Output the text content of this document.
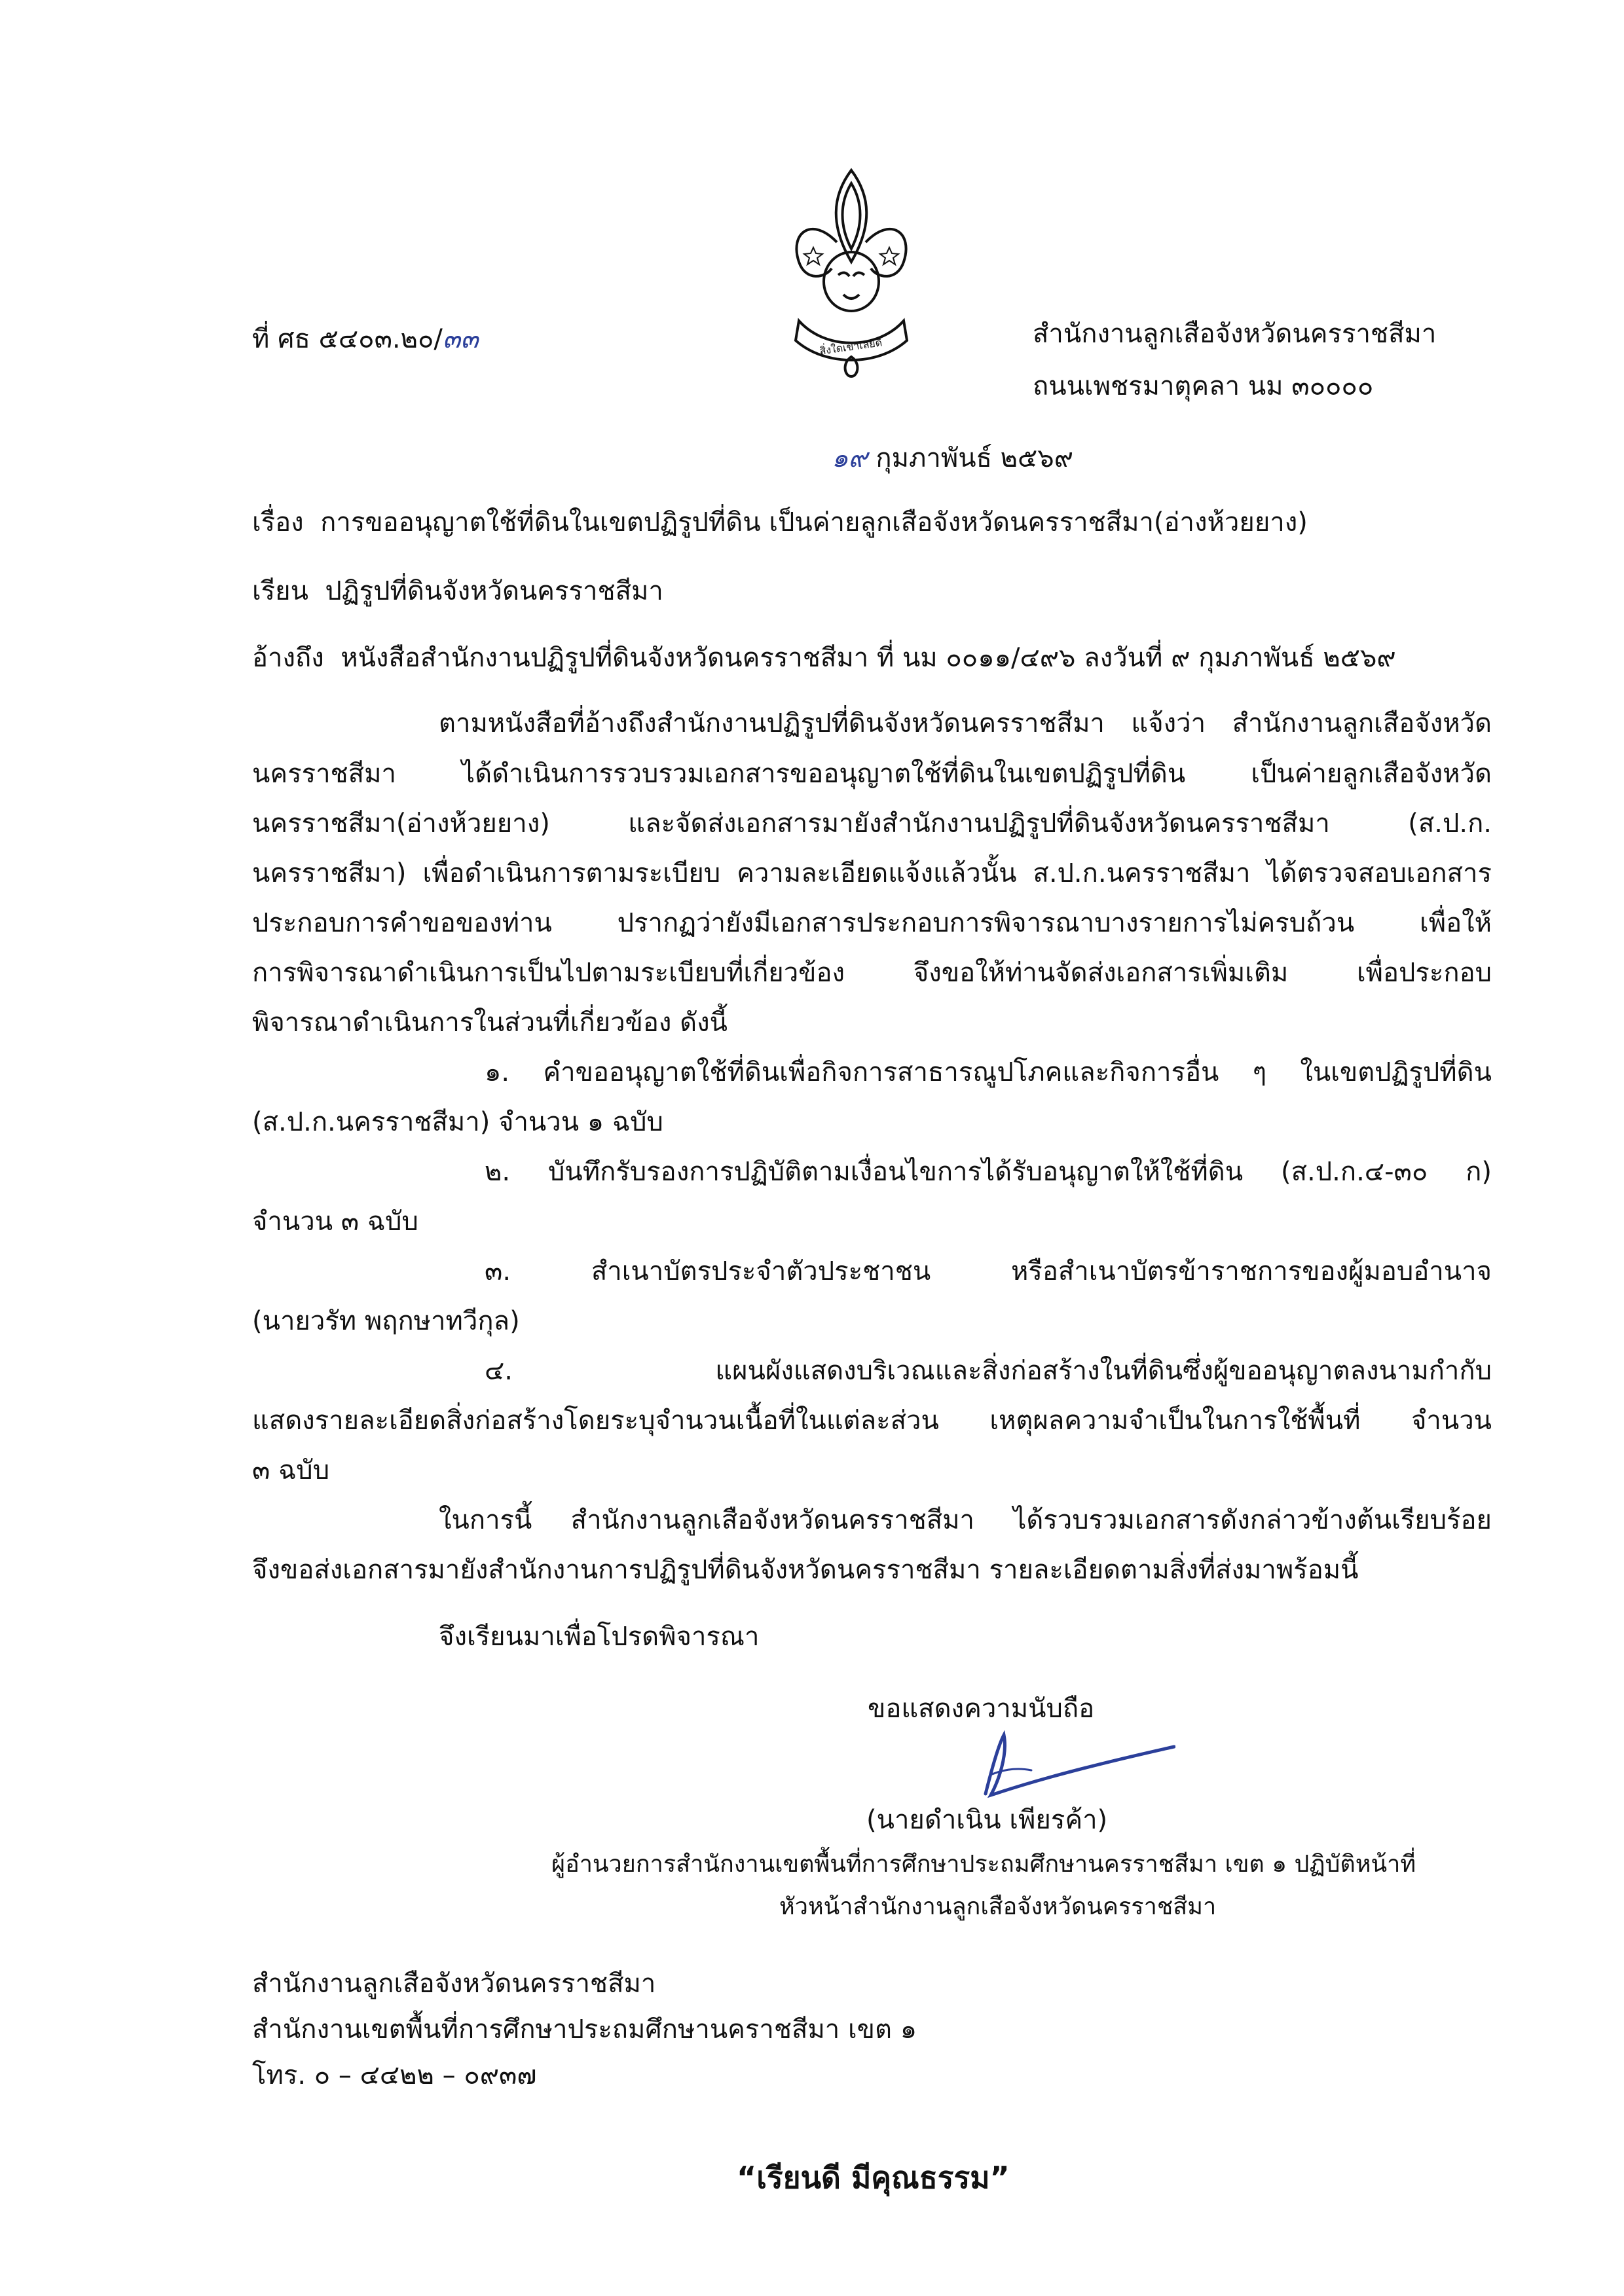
สิ่งใดเขาเลยดี
ที่ ศธ ๕๔๐๓.๒๐/๓๓	สำนักงานลูกเสือจังหวัดนครราชสีมา
ถนนเพชรมาตุคลา นม ๓๐๐๐๐
๑๙ กุมภาพันธ์ ๒๕๖๙
เรื่อง การขออนุญาตใช้ที่ดินในเขตปฏิรูปที่ดิน เป็นค่ายลูกเสือจังหวัดนครราชสีมา(อ่างห้วยยาง)
เรียน ปฏิรูปที่ดินจังหวัดนครราชสีมา
อ้างถึง หนังสือสำนักงานปฏิรูปที่ดินจังหวัดนครราชสีมา ที่ นม ๐๐๑๑/๔๙๖ ลงวันที่ ๙ กุมภาพันธ์ ๒๕๖๙
ตามหนังสือที่อ้างถึงสำนักงานปฏิรูปที่ดินจังหวัดนครราชสีมา แจ้งว่า สำนักงานลูกเสือจังหวัด
นครราชสีมา ได้ดำเนินการรวบรวมเอกสารขออนุญาตใช้ที่ดินในเขตปฏิรูปที่ดิน เป็นค่ายลูกเสือจังหวัด
นครราชสีมา(อ่างห้วยยาง) และจัดส่งเอกสารมายังสำนักงานปฏิรูปที่ดินจังหวัดนครราชสีมา (ส.ป.ก.
นครราชสีมา) เพื่อดำเนินการตามระเบียบ ความละเอียดแจ้งแล้วนั้น ส.ป.ก.นครราชสีมา ได้ตรวจสอบเอกสาร
ประกอบการคำขอของท่าน ปรากฏว่ายังมีเอกสารประกอบการพิจารณาบางรายการไม่ครบถ้วน เพื่อให้
การพิจารณาดำเนินการเป็นไปตามระเบียบที่เกี่ยวข้อง จึงขอให้ท่านจัดส่งเอกสารเพิ่มเติม เพื่อประกอบ
พิจารณาดำเนินการในส่วนที่เกี่ยวข้อง ดังนี้
๑. คำขออนุญาตใช้ที่ดินเพื่อกิจการสาธารณูปโภคและกิจการอื่น ๆ ในเขตปฏิรูปที่ดิน
(ส.ป.ก.นครราชสีมา) จำนวน ๑ ฉบับ
๒. บันทึกรับรองการปฏิบัติตามเงื่อนไขการได้รับอนุญาตให้ใช้ที่ดิน (ส.ป.ก.๔-๓๐ ก)
จำนวน ๓ ฉบับ
๓. สำเนาบัตรประจำตัวประชาชน หรือสำเนาบัตรข้าราชการของผู้มอบอำนาจ
(นายวรัท พฤกษาทวีกุล)
๔. แผนผังแสดงบริเวณและสิ่งก่อสร้างในที่ดินซึ่งผู้ขออนุญาตลงนามกำกับ
แสดงรายละเอียดสิ่งก่อสร้างโดยระบุจำนวนเนื้อที่ในแต่ละส่วน เหตุผลความจำเป็นในการใช้พื้นที่ จำนวน
๓ ฉบับ
ในการนี้ สำนักงานลูกเสือจังหวัดนครราชสีมา ได้รวบรวมเอกสารดังกล่าวข้างต้นเรียบร้อย
จึงขอส่งเอกสารมายังสำนักงานการปฏิรูปที่ดินจังหวัดนครราชสีมา รายละเอียดตามสิ่งที่ส่งมาพร้อมนี้
จึงเรียนมาเพื่อโปรดพิจารณา
ขอแสดงความนับถือ
(นายดำเนิน เพียรค้า)
ผู้อำนวยการสำนักงานเขตพื้นที่การศึกษาประถมศึกษานครราชสีมา เขต ๑ ปฏิบัติหน้าที่
หัวหน้าสำนักงานลูกเสือจังหวัดนครราชสีมา
สำนักงานลูกเสือจังหวัดนครราชสีมา
สำนักงานเขตพื้นที่การศึกษาประถมศึกษานคราชสีมา เขต ๑
โทร. ๐ – ๔๔๒๒ – ๐๙๓๗
“เรียนดี มีคุณธรรม”
